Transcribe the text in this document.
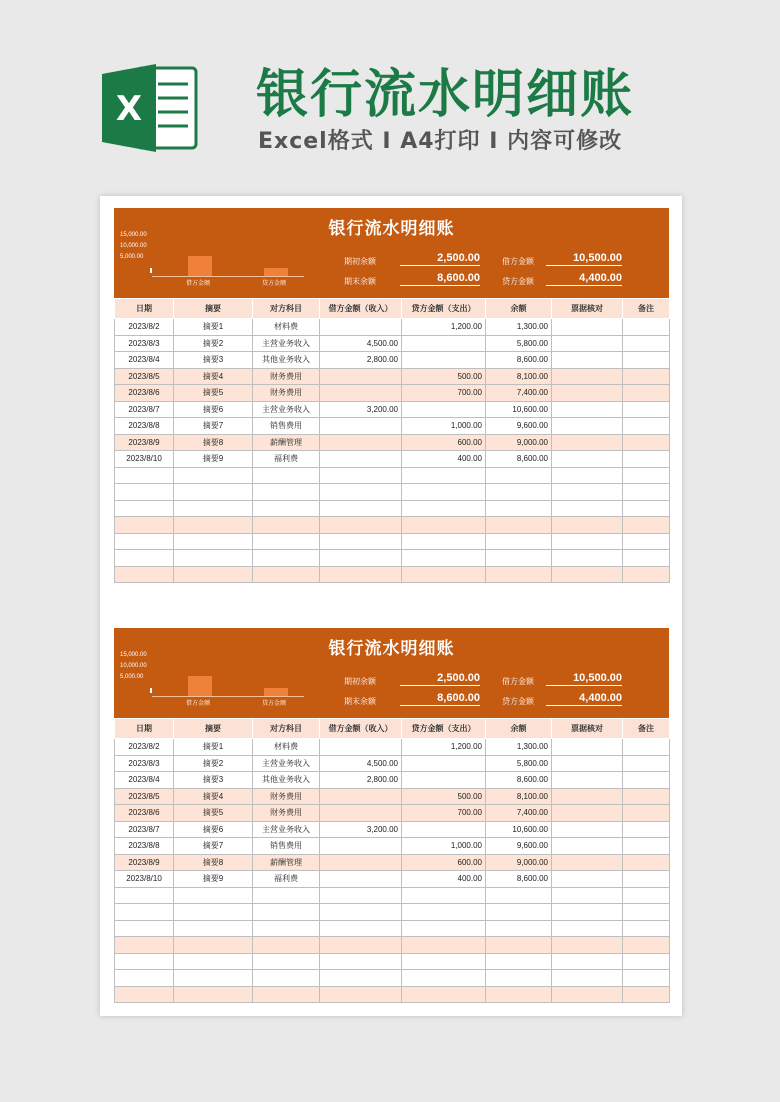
X 银行流水明细账
Excel格式 I A4打印 I 内容可修改
银行流水明细账
15,000.00
10,000.00
5,000.00
借方金额	贷方金额
期初余额	2,500.00
期末余额	8,600.00
借方金额	10,500.00
贷方金额	4,400.00
日期	摘要	对方科目	借方金额（收入）	贷方金额（支出）	余额	票据核对	备注
2023/8/2	摘要1	材料费		1,200.00	1,300.00		
2023/8/3	摘要2	主营业务收入	4,500.00		5,800.00		
2023/8/4	摘要3	其他业务收入	2,800.00		8,600.00		
2023/8/5	摘要4	财务费用		500.00	8,100.00		
2023/8/6	摘要5	财务费用		700.00	7,400.00		
2023/8/7	摘要6	主营业务收入	3,200.00		10,600.00		
2023/8/8	摘要7	销售费用		1,000.00	9,600.00		
2023/8/9	摘要8	薪酬管理		600.00	9,000.00		
2023/8/10	摘要9	福利费		400.00	8,600.00		

银行流水明细账
15,000.00
10,000.00
5,000.00
借方金额	贷方金额
期初余额	2,500.00
期末余额	8,600.00
借方金额	10,500.00
贷方金额	4,400.00
日期	摘要	对方科目	借方金额（收入）	贷方金额（支出）	余额	票据核对	备注
2023/8/2	摘要1	材料费		1,200.00	1,300.00		
2023/8/3	摘要2	主营业务收入	4,500.00		5,800.00		
2023/8/4	摘要3	其他业务收入	2,800.00		8,600.00		
2023/8/5	摘要4	财务费用		500.00	8,100.00		
2023/8/6	摘要5	财务费用		700.00	7,400.00		
2023/8/7	摘要6	主营业务收入	3,200.00		10,600.00		
2023/8/8	摘要7	销售费用		1,000.00	9,600.00		
2023/8/9	摘要8	薪酬管理		600.00	9,000.00		
2023/8/10	摘要9	福利费		400.00	8,600.00		
